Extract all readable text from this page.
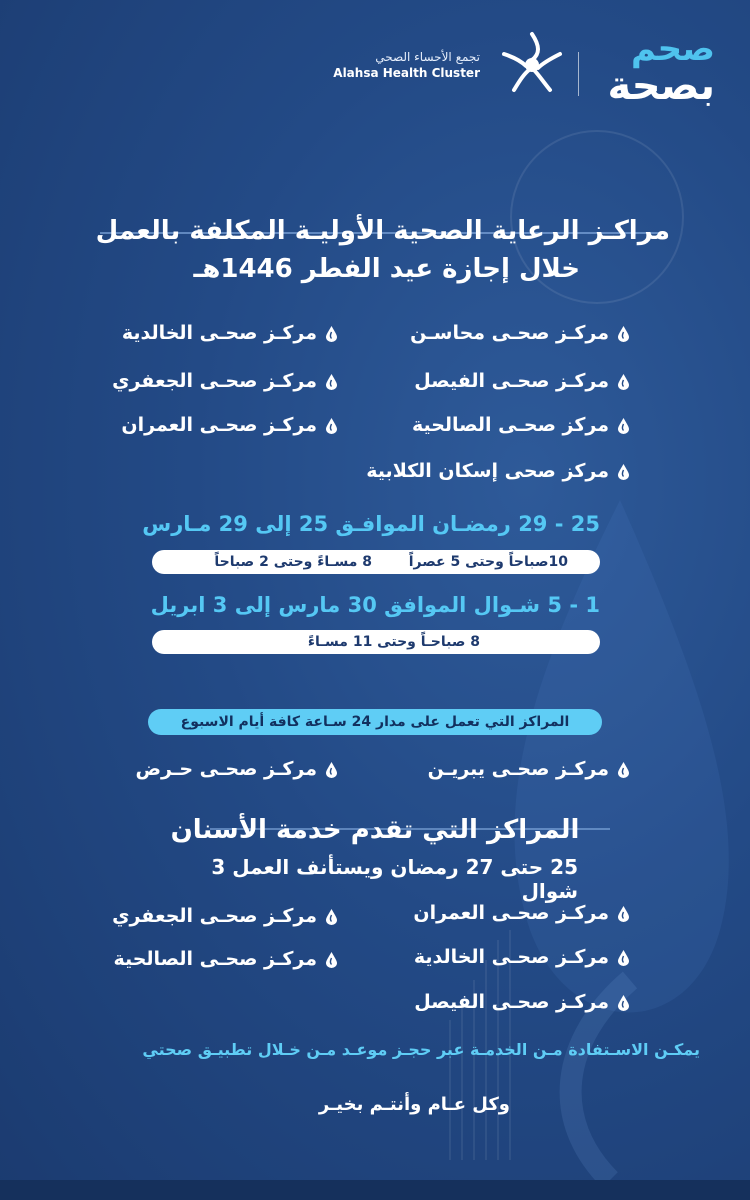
صحم
بصحة
تجمع الأحساء الصحي
Alahsa Health Cluster
مراكـز الرعاية الصحية الأوليـة المكلفة بالعمل
خلال إجازة عيد الفطر 1446هـ
مركـز صحـى محاسـن
مركـز صحـى الفيصل
مركز صحـى الصالحية
مركز صحى إسكان الكلابية
مركـز صحـى الخالدية
مركـز صحـى الجعفري
مركـز صحـى العمران
25 - 29 رمضـان الموافـق 25 إلى 29 مـارس
10صباحاً وحتى 5 عصراً
8 مسـاءً وحتى 2 صباحاً
1 - 5 شـوال الموافق 30 مارس إلى 3 ابريل
8 صباحـاً وحتى 11 مسـاءً
المراكز التي تعمل على مدار 24 سـاعة كافة أيام الاسبوع
مركـز صحـى يبريـن
مركـز صحـى حـرض
المراكز التي تقدم خدمة الأسنان
25 حتى 27 رمضان ويستأنف العمل 3 شوال
مركـز صحـى العمران
مركـز صحـى الخالدية
مركـز صحـى الفيصل
مركـز صحـى الجعفري
مركـز صحـى الصالحية
يمكـن الاسـتفادة مـن الخدمـة عبر حجـز موعـد مـن خـلال تطبيـق صحتي
وكل عـام وأنتـم بخيـر
